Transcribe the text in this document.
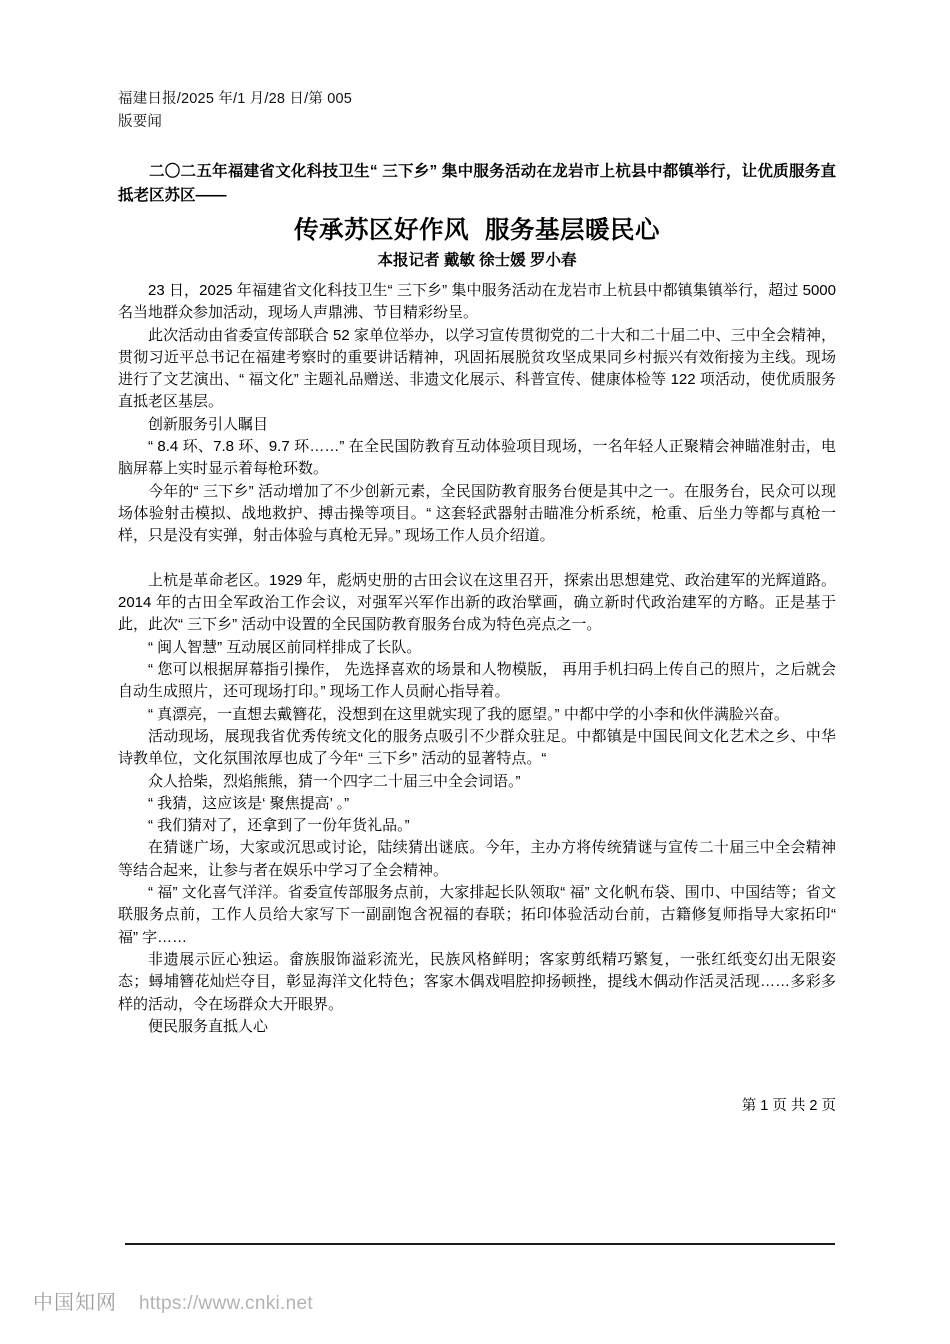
福建日报/2025 年/1 月/28 日/第 005
版要闻
二〇二五年福建省文化科技卫生“ 三下乡” 集中服务活动在龙岩市上杭县中都镇举行，让优质服务直抵老区苏区——
传承苏区好作风 服务基层暖民心
本报记者 戴敏 徐士媛 罗小春

23 日，2025 年福建省文化科技卫生“ 三下乡” 集中服务活动在龙岩市上杭县中都镇集镇举行，超过 5000 名当地群众参加活动，现场人声鼎沸、节目精彩纷呈。

此次活动由省委宣传部联合 52 家单位举办，以学习宣传贯彻党的二十大和二十届二中、三中全会精神，贯彻习近平总书记在福建考察时的重要讲话精神，巩固拓展脱贫攻坚成果同乡村振兴有效衔接为主线。现场进行了文艺演出、“ 福文化” 主题礼品赠送、非遗文化展示、科普宣传、健康体检等 122 项活动，使优质服务直抵老区基层。

创新服务引人瞩目

“ 8.4 环、7.8 环、9.7 环……” 在全民国防教育互动体验项目现场，一名年轻人正聚精会神瞄准射击，电脑屏幕上实时显示着每枪环数。

今年的“ 三下乡” 活动增加了不少创新元素，全民国防教育服务台便是其中之一。在服务台，民众可以现场体验射击模拟、战地救护、搏击操等项目。“ 这套轻武器射击瞄准分析系统，枪重、后坐力等都与真枪一样，只是没有实弹，射击体验与真枪无异。” 现场工作人员介绍道。

上杭是革命老区。1929 年，彪炳史册的古田会议在这里召开，探索出思想建党、政治建军的光辉道路。2014 年的古田全军政治工作会议，对强军兴军作出新的政治擘画，确立新时代政治建军的方略。正是基于此，此次“ 三下乡” 活动中设置的全民国防教育服务台成为特色亮点之一。

“ 闽人智慧” 互动展区前同样排成了长队。

“ 您可以根据屏幕指引操作， 先选择喜欢的场景和人物模版， 再用手机扫码上传自己的照片，之后就会自动生成照片，还可现场打印。” 现场工作人员耐心指导着。

“ 真漂亮，一直想去戴簪花，没想到在这里就实现了我的愿望。” 中都中学的小李和伙伴满脸兴奋。

活动现场，展现我省优秀传统文化的服务点吸引不少群众驻足。中都镇是中国民间文化艺术之乡、中华诗教单位，文化氛围浓厚也成了今年“ 三下乡” 活动的显著特点。“

众人拾柴，烈焰熊熊，猜一个四字二十届三中全会词语。”

“ 我猜，这应该是‘ 聚焦提高’ 。”

“ 我们猜对了，还拿到了一份年货礼品。”

在猜谜广场，大家或沉思或讨论，陆续猜出谜底。今年，主办方将传统猜谜与宣传二十届三中全会精神等结合起来，让参与者在娱乐中学习了全会精神。

“ 福” 文化喜气洋洋。省委宣传部服务点前，大家排起长队领取“ 福” 文化帆布袋、围巾、中国结等；省文联服务点前，工作人员给大家写下一副副饱含祝福的春联；拓印体验活动台前，古籍修复师指导大家拓印“ 福” 字……

非遗展示匠心独运。畲族服饰溢彩流光，民族风格鲜明；客家剪纸精巧繁复，一张红纸变幻出无限姿态；蟳埔簪花灿烂夺目，彰显海洋文化特色；客家木偶戏唱腔抑扬顿挫，提线木偶动作活灵活现……多彩多样的活动，令在场群众大开眼界。

便民服务直抵人心

第 1 页 共 2 页
中国知网 https://www.cnki.net
